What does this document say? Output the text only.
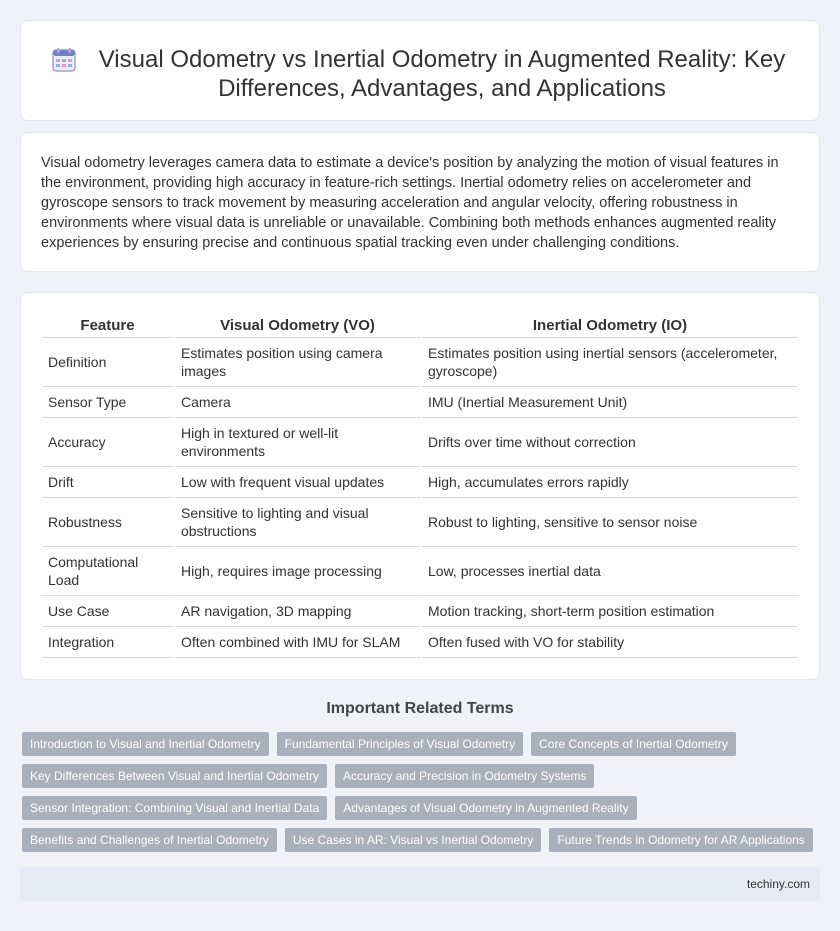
Visual Odometry vs Inertial Odometry in Augmented Reality: Key Differences, Advantages, and Applications

Visual odometry leverages camera data to estimate a device's position by analyzing the motion of visual features in the environment, providing high accuracy in feature-rich settings. Inertial odometry relies on accelerometer and gyroscope sensors to track movement by measuring acceleration and angular velocity, offering robustness in environments where visual data is unreliable or unavailable. Combining both methods enhances augmented reality experiences by ensuring precise and continuous spatial tracking even under challenging conditions.

Feature	Visual Odometry (VO)	Inertial Odometry (IO)
Definition	Estimates position using camera images	Estimates position using inertial sensors (accelerometer, gyroscope)
Sensor Type	Camera	IMU (Inertial Measurement Unit)
Accuracy	High in textured or well-lit environments	Drifts over time without correction
Drift	Low with frequent visual updates	High, accumulates errors rapidly
Robustness	Sensitive to lighting and visual obstructions	Robust to lighting, sensitive to sensor noise
Computational Load	High, requires image processing	Low, processes inertial data
Use Case	AR navigation, 3D mapping	Motion tracking, short-term position estimation
Integration	Often combined with IMU for SLAM	Often fused with VO for stability
Important Related Terms
Introduction to Visual and Inertial Odometry	Fundamental Principles of Visual Odometry	Core Concepts of Inertial Odometry
Key Differences Between Visual and Inertial Odometry	Accuracy and Precision in Odometry Systems
Sensor Integration: Combining Visual and Inertial Data	Advantages of Visual Odometry in Augmented Reality
Benefits and Challenges of Inertial Odometry	Use Cases in AR: Visual vs Inertial Odometry	Future Trends in Odometry for AR Applications
techiny.com
